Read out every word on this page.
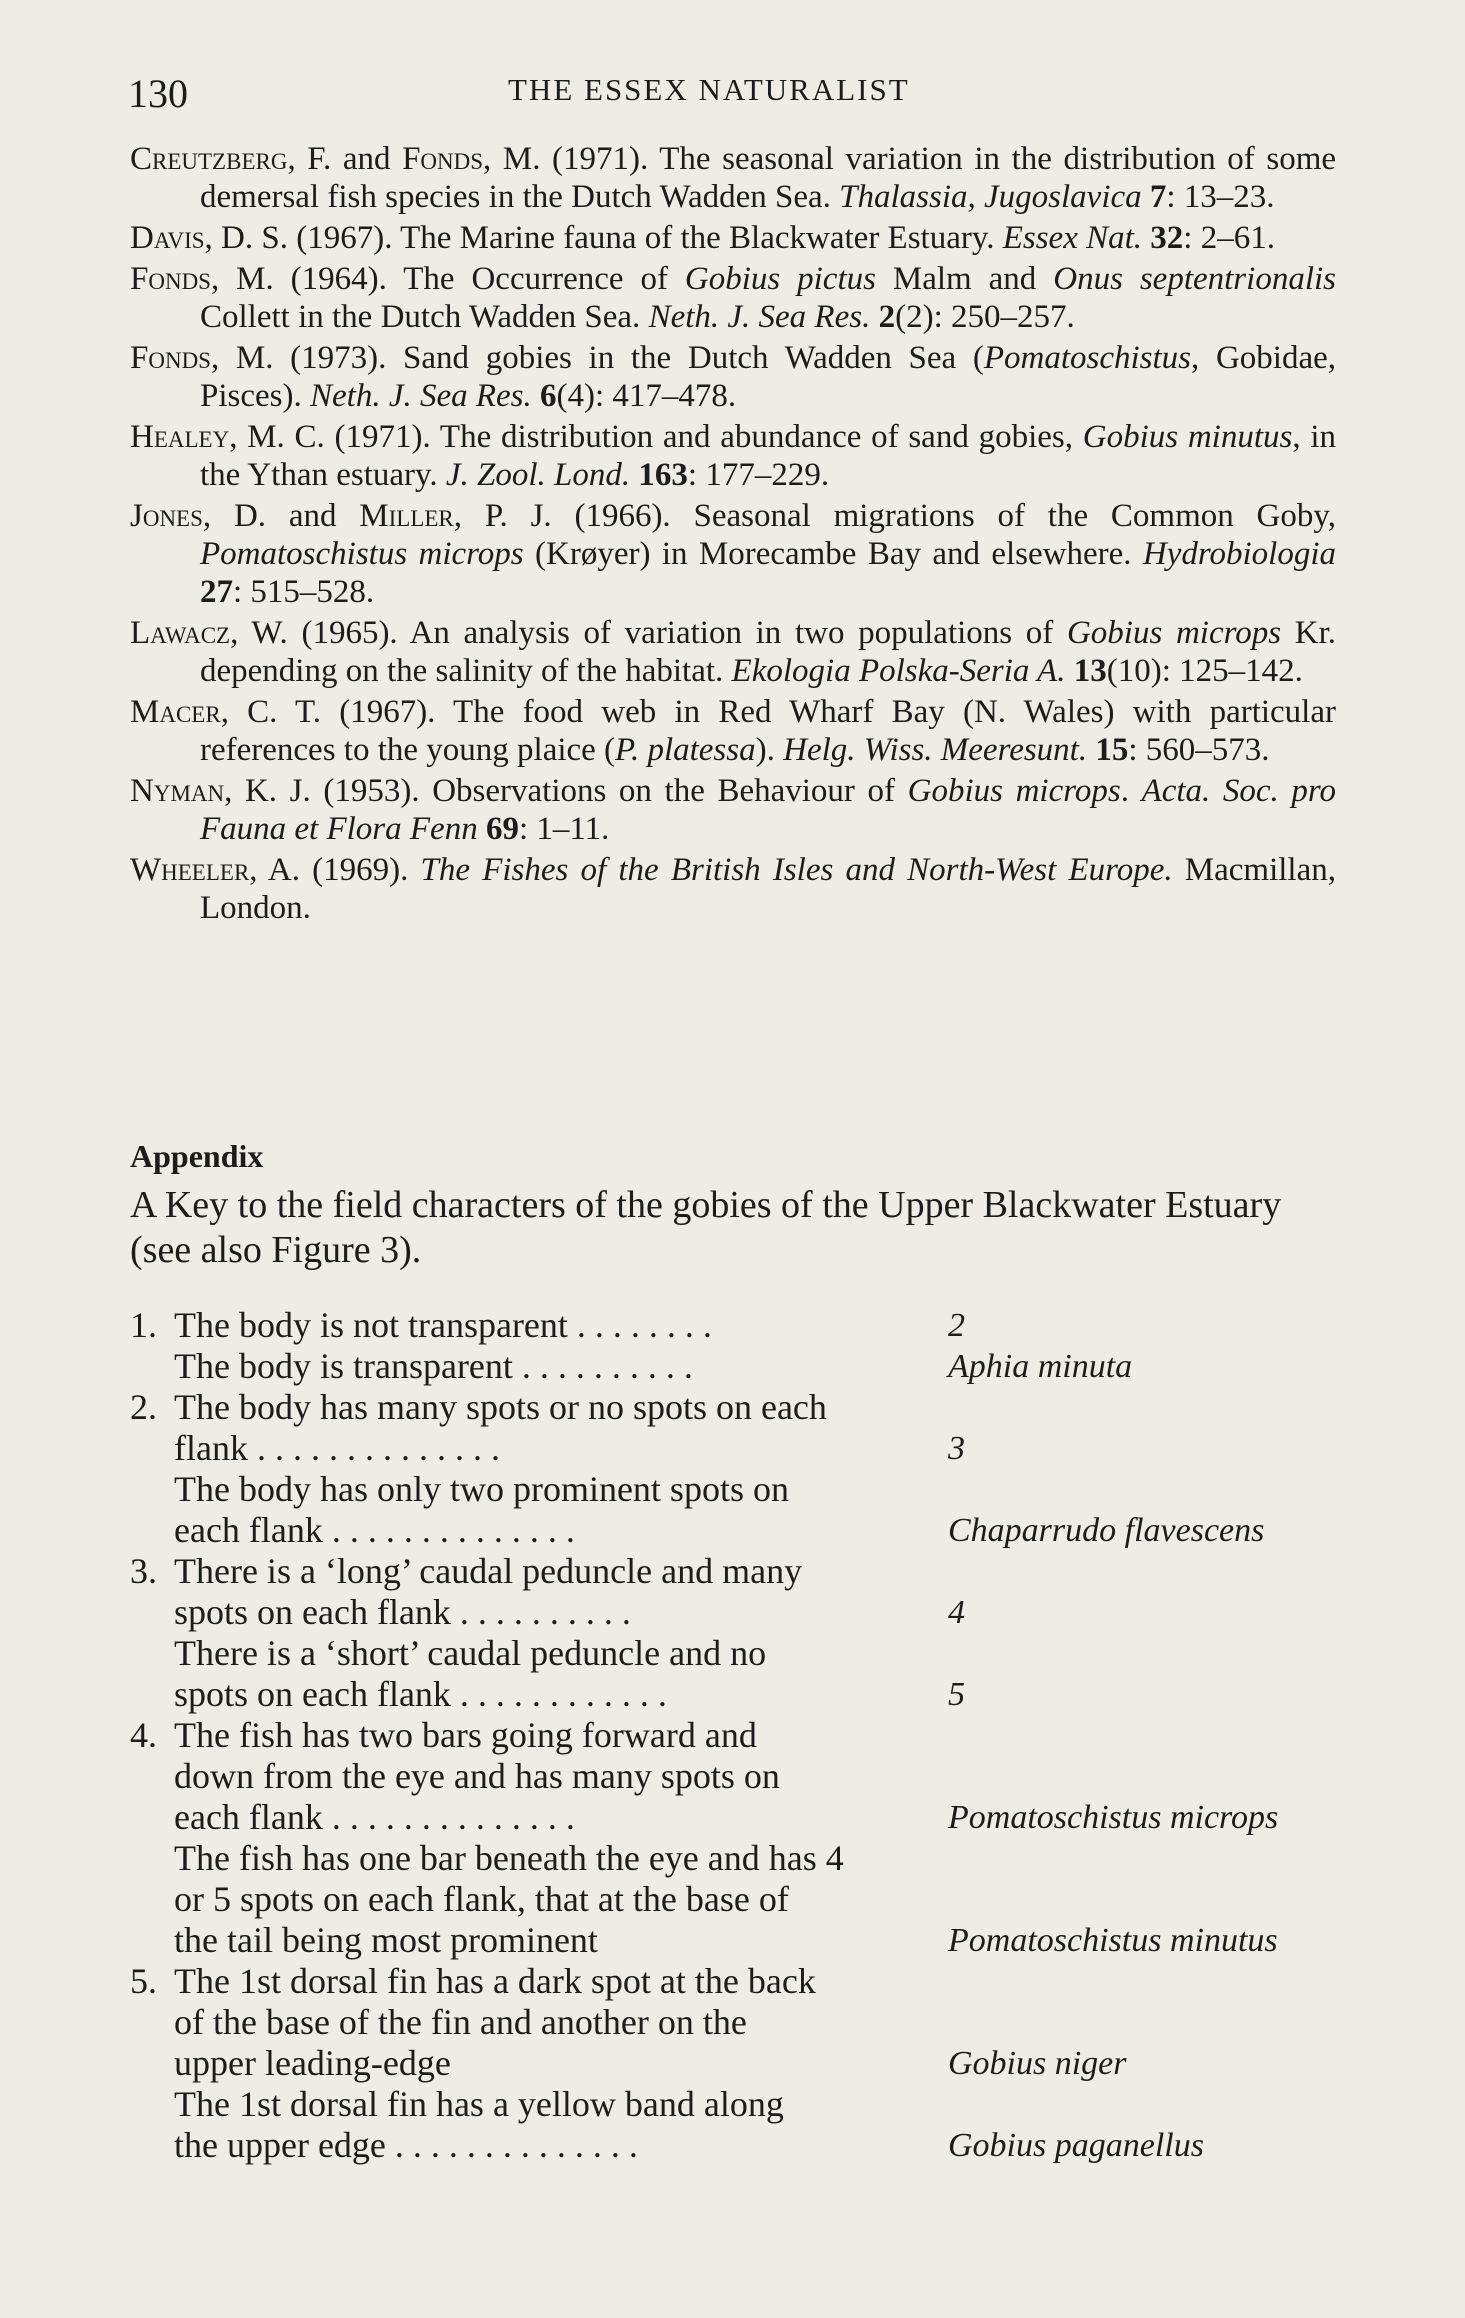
130	THE ESSEX NATURALIST

Creutzberg, F. and Fonds, M. (1971). The seasonal variation in the distribution of some demersal fish species in the Dutch Wadden Sea. Thalassia, Jugoslavica 7: 13–23.

Davis, D. S. (1967). The Marine fauna of the Blackwater Estuary. Essex Nat. 32: 2–61.

Fonds, M. (1964). The Occurrence of Gobius pictus Malm and Onus septentrionalis Collett in the Dutch Wadden Sea. Neth. J. Sea Res. 2(2): 250–257.

Fonds, M. (1973). Sand gobies in the Dutch Wadden Sea (Pomatoschistus, Gobidae, Pisces). Neth. J. Sea Res. 6(4): 417–478.

Healey, M. C. (1971). The distribution and abundance of sand gobies, Gobius minutus, in the Ythan estuary. J. Zool. Lond. 163: 177–229.

Jones, D. and Miller, P. J. (1966). Seasonal migrations of the Common Goby, Pomatoschistus microps (Krøyer) in Morecambe Bay and elsewhere. Hydrobiologia 27: 515–528.

Lawacz, W. (1965). An analysis of variation in two populations of Gobius microps Kr. depending on the salinity of the habitat. Ekologia Polska-Seria A. 13(10): 125–142.

Macer, C. T. (1967). The food web in Red Wharf Bay (N. Wales) with particular references to the young plaice (P. platessa). Helg. Wiss. Meeresunt. 15: 560–573.

Nyman, K. J. (1953). Observations on the Behaviour of Gobius microps. Acta. Soc. pro Fauna et Flora Fenn 69: 1–11.

Wheeler, A. (1969). The Fishes of the British Isles and North-West Europe. Macmillan, London.

Appendix
A Key to the field characters of the gobies of the Upper Blackwater Estuary (see also Figure 3).
1. The body is not transparent . . . . . . . .	2
The body is transparent . . . . . . . . . .	Aphia minuta
2. The body has many spots or no spots on each
flank . . . . . . . . . . . . . .	3
The body has only two prominent spots on
each flank . . . . . . . . . . . . . .	Chaparrudo flavescens
3. There is a ‘long’ caudal peduncle and many
spots on each flank . . . . . . . . . .	4
There is a ‘short’ caudal peduncle and no
spots on each flank . . . . . . . . . . . .	5
4. The fish has two bars going forward and
down from the eye and has many spots on
each flank . . . . . . . . . . . . . .	Pomatoschistus microps
The fish has one bar beneath the eye and has 4
or 5 spots on each flank, that at the base of
the tail being most prominent	Pomatoschistus minutus
5. The 1st dorsal fin has a dark spot at the back
of the base of the fin and another on the
upper leading-edge	Gobius niger
The 1st dorsal fin has a yellow band along
the upper edge . . . . . . . . . . . . . .	Gobius paganellus
